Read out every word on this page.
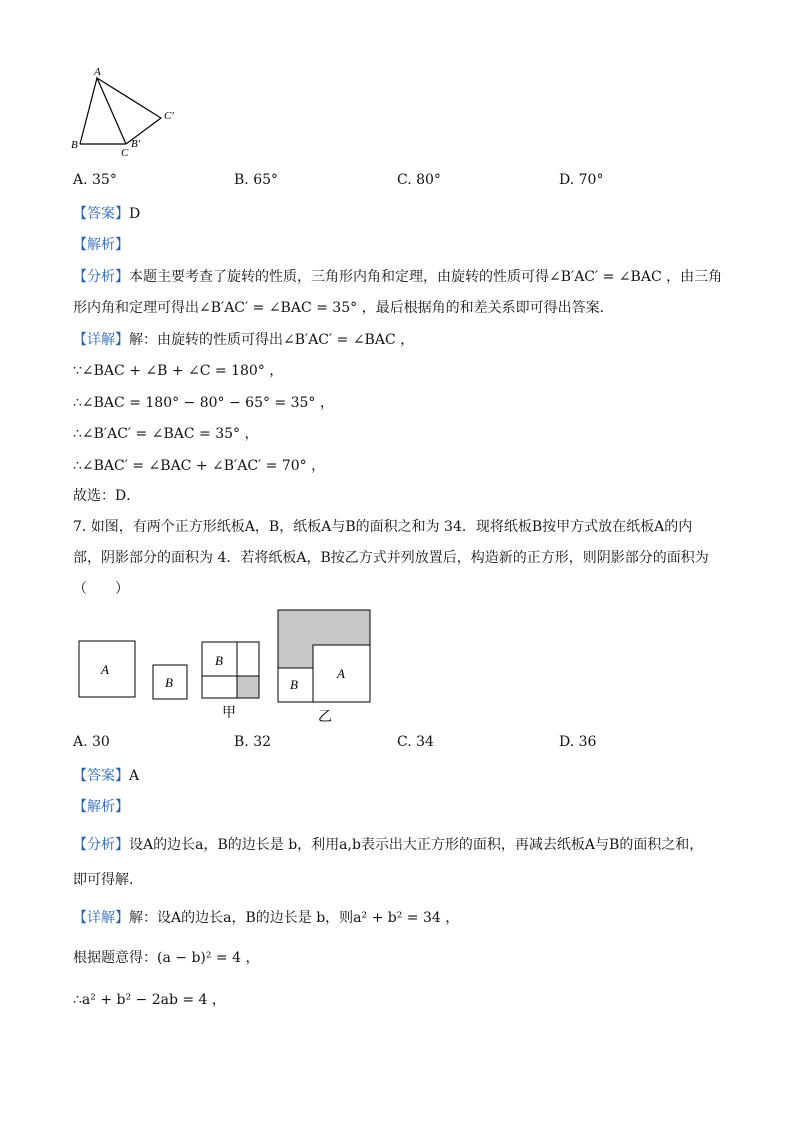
A
B
C
B′
C′
A. 35°	B. 65°	C. 80°	D. 70°
【答案】D
【解析】
【分析】本题主要考查了旋转的性质，三角形内角和定理，由旋转的性质可得∠B′AC′ = ∠BAC ，由三角
形内角和定理可得出∠B′AC′ = ∠BAC = 35° ，最后根据角的和差关系即可得出答案．
【详解】解：由旋转的性质可得出∠B′AC′ = ∠BAC ，
∵∠BAC + ∠B + ∠C = 180° ，
∴∠BAC = 180° − 80° − 65° = 35° ，
∴∠B′AC′ = ∠BAC = 35° ，
∴∠BAC′ = ∠BAC + ∠B′AC′ = 70° ，
故选：D．
7. 如图，有两个正方形纸板A，B，纸板A与B的面积之和为 34．现将纸板B按甲方式放在纸板A的内
部，阴影部分的面积为 4．若将纸板A，B按乙方式并列放置后，构造新的正方形，则阴影部分的面积为
（　　）
A
B
B
甲
A
B
乙
A. 30	B. 32	C. 34	D. 36
【答案】A
【解析】
【分析】设A的边长a，B的边长是 b，利用a,b表示出大正方形的面积，再减去纸板A与B的面积之和，
即可得解．
【详解】解：设A的边长a，B的边长是 b，则a² + b² = 34 ，
根据题意得：(a − b)² = 4 ，
∴a² + b² − 2ab = 4 ，
